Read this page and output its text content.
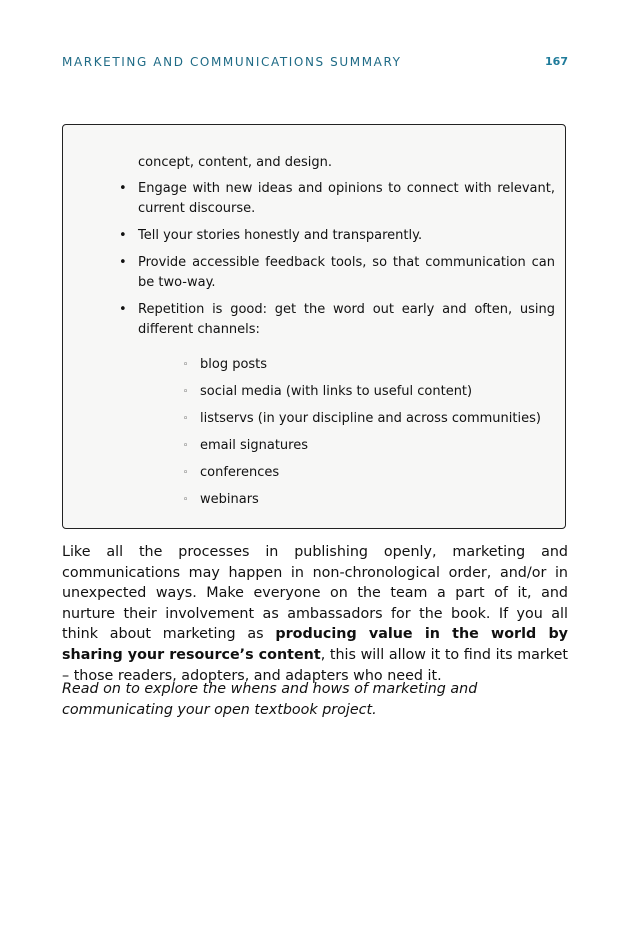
MARKETING AND COMMUNICATIONS SUMMARY	167
concept, content, and design.
• Engage with new ideas and opinions to connect with relevant, current discourse.
• Tell your stories honestly and transparently.
• Provide accessible feedback tools, so that communication can be two-way.
• Repetition is good: get the word out early and often, using different channels:
◦ blog posts
◦ social media (with links to useful content)
◦ listservs (in your discipline and across communities)
◦ email signatures
◦ conferences
◦ webinars

Like all the processes in publishing openly, marketing and communications may happen in non-chronological order, and/or in unexpected ways. Make everyone on the team a part of it, and nurture their involvement as ambassadors for the book. If you all think about marketing as producing value in the world by sharing your resource’s content, this will allow it to find its market – those readers, adopters, and adapters who need it.

Read on to explore the whens and hows of marketing and communicating your open textbook project.
